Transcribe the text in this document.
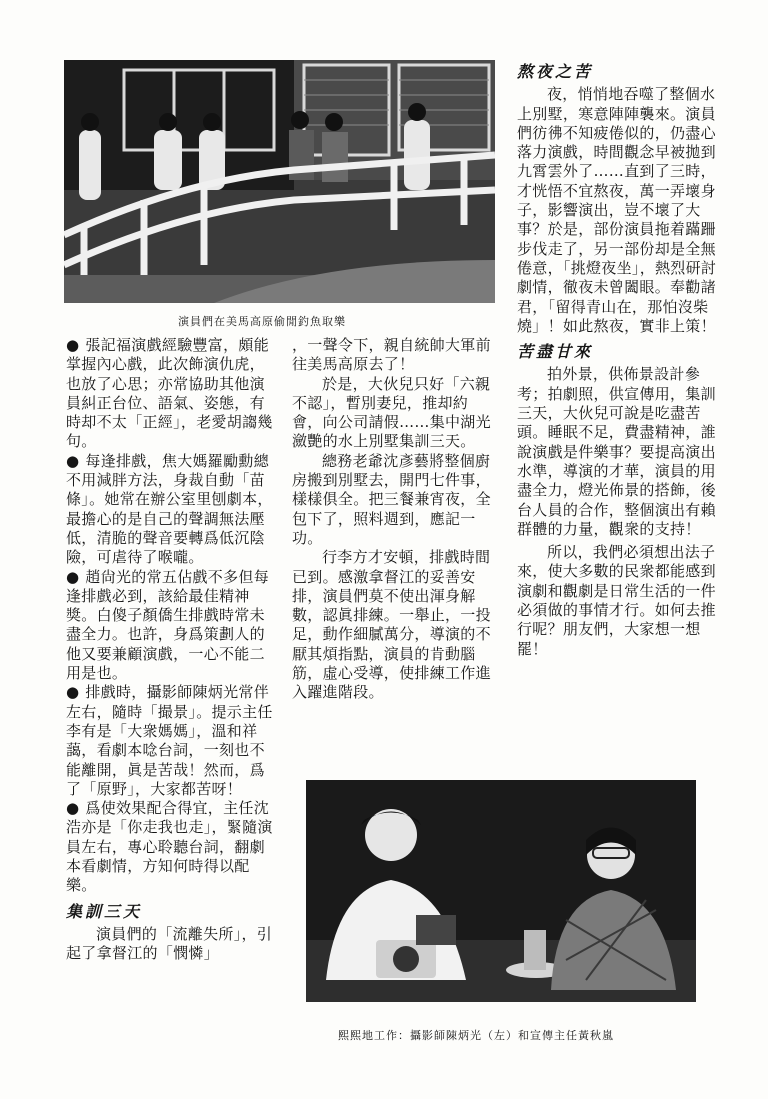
演員們在美馬高原偷閒釣魚取樂

● 張記福演戲經驗豐富，頗能掌握內心戲，此次飾演仇虎，也放了心思；亦常協助其他演員糾正台位、語氣、姿態，有時却不太「正經」，老愛胡謅幾句。

● 每逢排戲，焦大媽羅勵勳總不用減胖方法，身裁自動「苗條」。她常在辦公室里刨劇本，最擔心的是自己的聲調無法壓低，清脆的聲音要轉爲低沉陰險，可虐待了喉嚨。

● 趙尙光的常五佔戲不多但每逢排戲必到，該給最佳精神獎。白傻子顏僑生排戲時常未盡全力。也許，身爲策劃人的他又要兼顧演戲，一心不能二用是也。

● 排戲時，攝影師陳炳光常伴左右，隨時「撮景」。提示主任李有是「大衆媽媽」，溫和祥藹，看劇本唸台詞，一刻也不能離開，眞是苦哉！然而，爲了「原野」，大家都苦呀！

● 爲使效果配合得宜，主任沈浩亦是「你走我也走」，緊隨演員左右，專心聆聽台詞，翻劇本看劇情，方知何時得以配樂。

集訓三天

演員們的「流離失所」，引起了拿督江的「憫憐」

，一聲令下，親自統帥大軍前往美馬高原去了！

於是，大伙兒只好「六親不認」，暫別妻兒，推却約會，向公司請假……集中湖光瀲艷的水上別墅集訓三天。

總務老爺沈彥藝將整個廚房搬到別墅去，開門七件事，樣樣俱全。把三餐兼宵夜，全包下了，照料週到，應記一功。

行李方才安頓，排戲時間已到。感激拿督江的妥善安排，演員們莫不使出渾身解數，認眞排練。一舉止，一投足，動作細膩萬分，導演的不厭其煩指點，演員的肯動腦筋，虛心受導，使排練工作進入躍進階段。

熬夜之苦

夜，悄悄地吞噬了整個水上別墅，寒意陣陣襲來。演員們彷彿不知疲倦似的，仍盡心落力演戲，時間觀念早被拋到九霄雲外了……直到了三時，才恍悟不宜熬夜，萬一弄壞身子，影響演出，豈不壞了大事？於是，部份演員拖着蹣跚步伐走了，另一部份却是全無倦意，「挑燈夜坐」，熱烈研討劇情，徹夜未曾闔眼。奉勸諸君，「留得青山在，那怕沒柴燒」！如此熬夜，實非上策！

苦盡甘來

拍外景，供佈景設計參考；拍劇照，供宣傳用，集訓三天，大伙兒可說是吃盡苦頭。睡眠不足，費盡精神，誰說演戲是件樂事？要提高演出水準，導演的才華，演員的用盡全力，燈光佈景的搭飾，後台人員的合作，整個演出有賴群體的力量，觀衆的支持！

所以，我們必須想出法子來，使大多數的民衆都能感到演劇和觀劇是日常生活的一件必須做的事情才行。如何去推行呢？朋友們，大家想一想罷！

熙熙地工作：攝影師陳炳光（左）和宣傳主任黃秋嵐
